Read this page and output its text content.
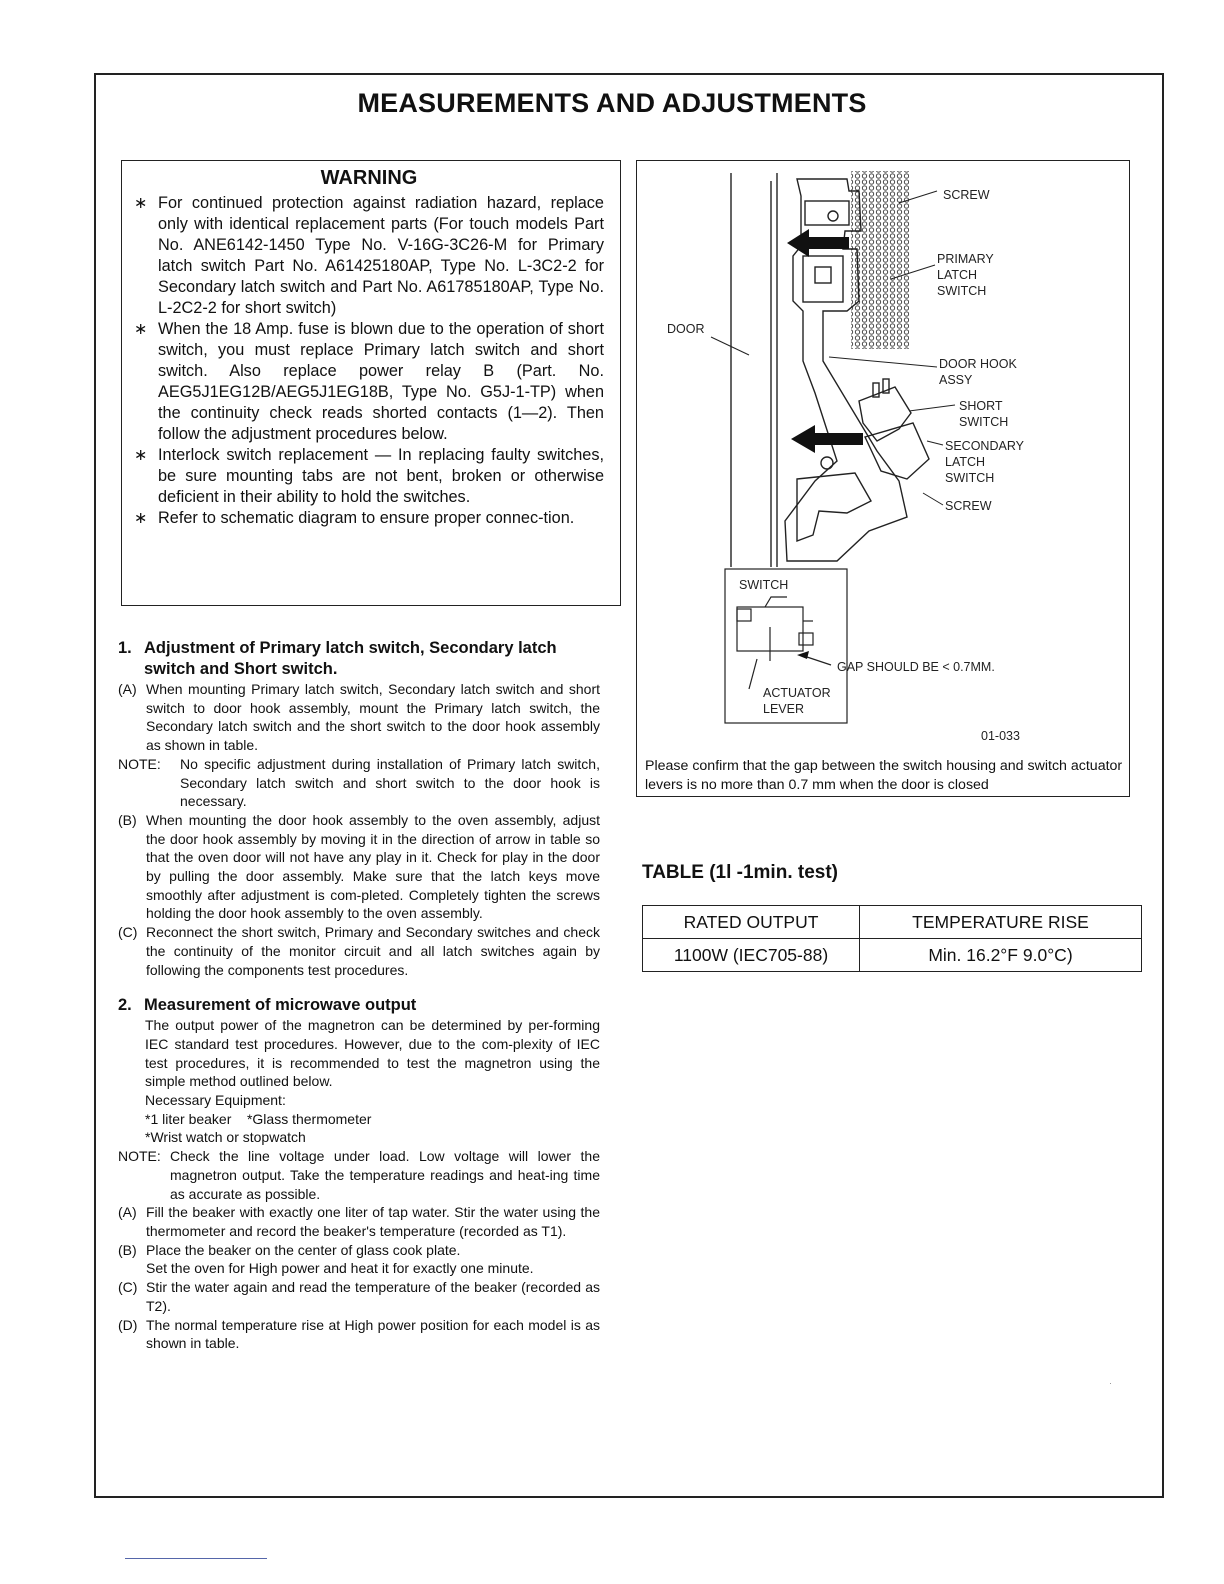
MEASUREMENTS AND ADJUSTMENTS
WARNING
∗ For continued protection against radiation hazard, replace only with identical replacement parts (For touch models Part No. ANE6142-1450 Type No. V-16G-3C26-M for Primary latch switch Part No. A61425180AP, Type No. L-3C2-2 for Secondary latch switch and Part No. A61785180AP, Type No. L-2C2-2 for short switch)
∗ When the 18 Amp. fuse is blown due to the operation of short switch, you must replace Primary latch switch and short switch. Also replace power relay B (Part. No. AEG5J1EG12B/AEG5J1EG18B, Type No. G5J-1-TP) when the continuity check reads shorted contacts (1—2). Then follow the adjustment procedures below.
∗ Interlock switch replacement — In replacing faulty switches, be sure mounting tabs are not bent, broken or otherwise deficient in their ability to hold the switches.
∗ Refer to schematic diagram to ensure proper connec-tion.
1. Adjustment of Primary latch switch, Secondary latch switch and Short switch.
(A) When mounting Primary latch switch, Secondary latch switch and short switch to door hook assembly, mount the Primary latch switch, the Secondary latch switch and the short switch to the door hook assembly as shown in table.
NOTE:	No specific adjustment during installation of Primary latch switch, Secondary latch switch and short switch to the door hook is necessary.
(B) When mounting the door hook assembly to the oven assembly, adjust the door hook assembly by moving it in the direction of arrow in table so that the oven door will not have any play in it. Check for play in the door by pulling the door assembly. Make sure that the latch keys move smoothly after adjustment is com-pleted. Completely tighten the screws holding the door hook assembly to the oven assembly.
(C) Reconnect the short switch, Primary and Secondary switches and check the continuity of the monitor circuit and all latch switches again by following the components test procedures.
2. Measurement of microwave output
The output power of the magnetron can be determined by per-forming IEC standard test procedures. However, due to the com-plexity of IEC test procedures, it is recommended to test the magnetron using the simple method outlined below.
Necessary Equipment:
*1 liter beaker *Glass thermometer
*Wrist watch or stopwatch
NOTE: Check the line voltage under load. Low voltage will lower the magnetron output. Take the temperature readings and heat-ing time as accurate as possible.
(A) Fill the beaker with exactly one liter of tap water. Stir the water using the thermometer and record the beaker's temperature (recorded as T1).
(B) Place the beaker on the center of glass cook plate.
Set the oven for High power and heat it for exactly one minute.
(C) Stir the water again and read the temperature of the beaker (recorded as T2).
(D) The normal temperature rise at High power position for each model is as shown in table.
SCREW
PRIMARY
LATCH
SWITCH
DOOR
DOOR HOOK
ASSY
SHORT
SWITCH
SECONDARY
LATCH
SWITCH
SCREW
SWITCH
GAP SHOULD BE < 0.7MM.
ACTUATOR
LEVER
01-033
Please confirm that the gap between the switch housing and switch actuator levers is no more than 0.7 mm when the door is closed
TABLE (1l -1min. test)
RATED OUTPUT	TEMPERATURE RISE
1100W (IEC705-88)	Min. 16.2°F 9.0°C)
